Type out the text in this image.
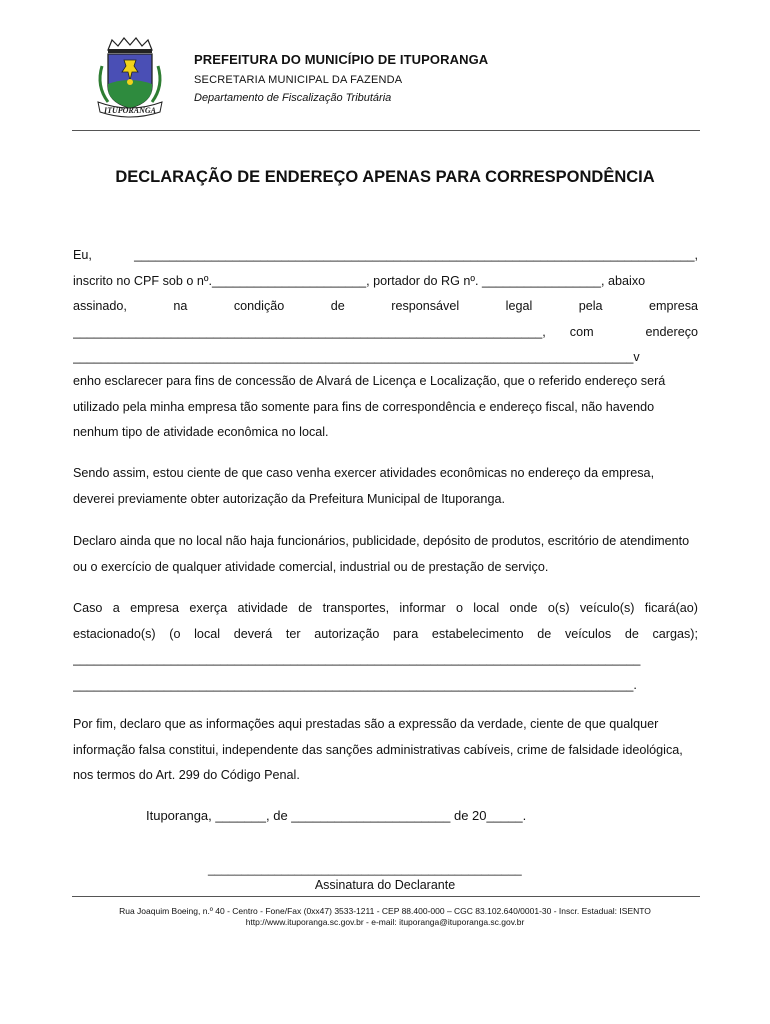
ITUPORANGA
PREFEITURA DO MUNICÍPIO DE ITUPORANGA
SECRETARIA MUNICIPAL DA FAZENDA
Departamento de Fiscalização Tributária
DECLARAÇÃO DE ENDEREÇO APENAS PARA CORRESPONDÊNCIA
Eu,	________________________________________________________________________________,
inscrito no CPF sob o nº.______________________, portador do RG nº. _________________, abaixo
assinado,	na	condição	de	responsável	legal	pela	empresa
___________________________________________________________________, com	endereço
________________________________________________________________________________v
enho esclarecer para fins de concessão de Alvará de Licença e Localização, que o referido endereço será
utilizado pela minha empresa tão somente para fins de correspondência e endereço fiscal, não havendo
nenhum tipo de atividade econômica no local.
Sendo assim, estou ciente de que caso venha exercer atividades econômicas no endereço da empresa,
deverei previamente obter autorização da Prefeitura Municipal de Ituporanga.
Declaro ainda que no local não haja funcionários, publicidade, depósito de produtos, escritório de atendimento
ou o exercício de qualquer atividade comercial, industrial ou de prestação de serviço.
Caso a empresa exerça atividade de transportes, informar o local onde o(s) veículo(s) ficará(ao)
estacionado(s) (o local deverá ter autorização para estabelecimento de veículos de cargas);
_________________________________________________________________________________
________________________________________________________________________________.
Por fim, declaro que as informações aqui prestadas são a expressão da verdade, ciente de que qualquer
informação falsa constitui, independente das sanções administrativas cabíveis, crime de falsidade ideológica,
nos termos do Art. 299 do Código Penal.
Ituporanga, _______, de ______________________ de 20_____.
_______________________________________________
Assinatura do Declarante
Rua Joaquim Boeing, n.º 40 - Centro - Fone/Fax (0xx47) 3533-1211 - CEP 88.400-000 – CGC 83.102.640/0001-30 - Inscr. Estadual: ISENTO
http://www.ituporanga.sc.gov.br - e-mail: ituporanga@ituporanga.sc.gov.br
